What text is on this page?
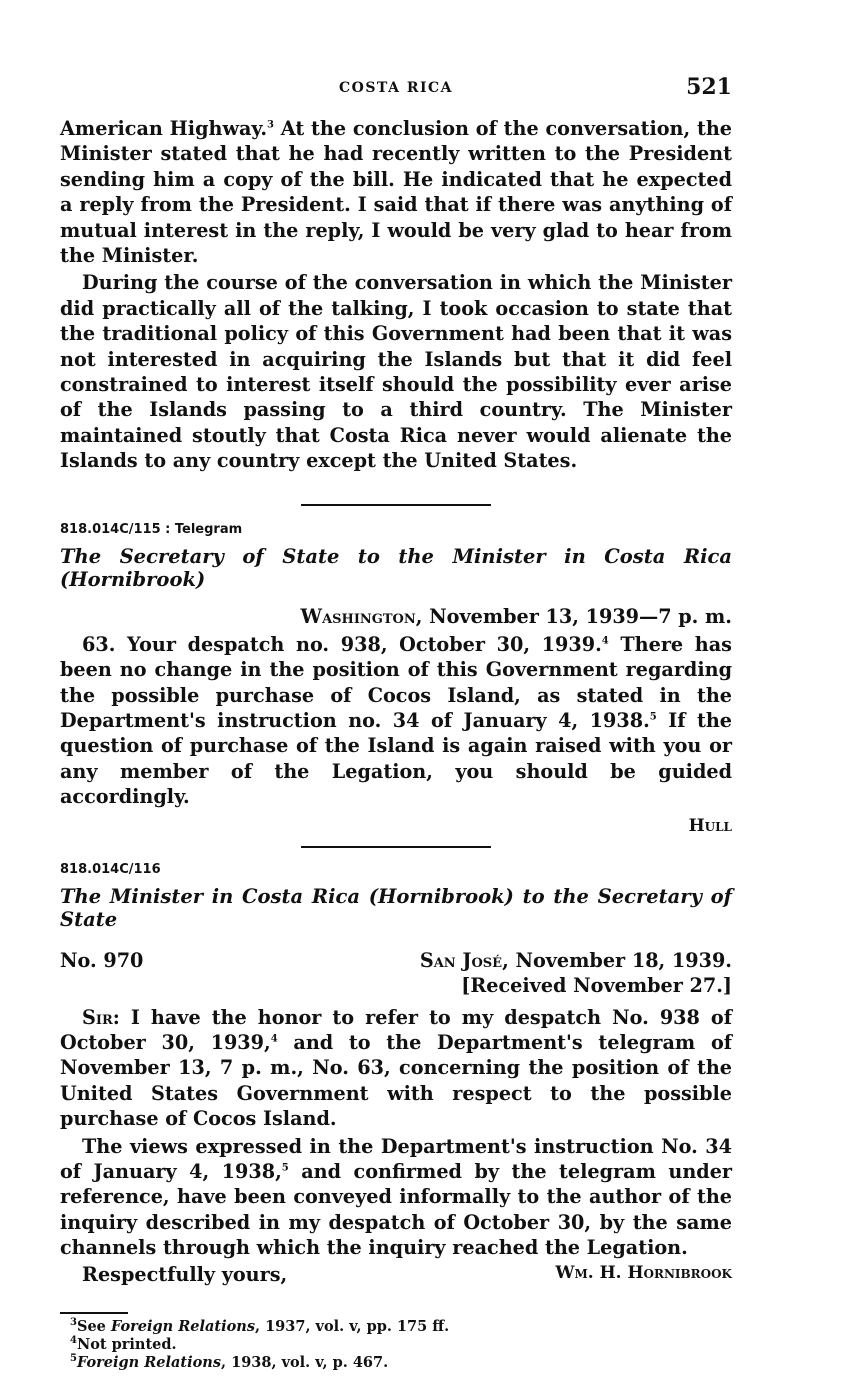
COSTA RICA	521

American Highway.$^3$ At the conclusion of the conversation, the Minister stated that he had recently written to the President sending him a copy of the bill. He indicated that he expected a reply from the President. I said that if there was anything of mutual interest in the reply, I would be very glad to hear from the Minister.

During the course of the conversation in which the Minister did practically all of the talking, I took occasion to state that the traditional policy of this Government had been that it was not interested in acquiring the Islands but that it did feel constrained to interest itself should the possibility ever arise of the Islands passing to a third country. The Minister maintained stoutly that Costa Rica never would alienate the Islands to any country except the United States.

818.014C/115 : Telegram

The Secretary of State to the Minister in Costa Rica (Hornibrook)

Washington, November 13, 1939—7 p. m.

63. Your despatch no. 938, October 30, 1939.$^4$ There has been no change in the position of this Government regarding the possible purchase of Cocos Island, as stated in the Department's instruction no. 34 of January 4, 1938.$^5$ If the question of purchase of the Island is again raised with you or any member of the Legation, you should be guided accordingly.

Hull

818.014C/116

The Minister in Costa Rica (Hornibrook) to the Secretary of State

No. 970	San José, November 18, 1939.

[Received November 27.]

Sir: I have the honor to refer to my despatch No. 938 of October 30, 1939,$^4$ and to the Department's telegram of November 13, 7 p. m., No. 63, concerning the position of the United States Government with respect to the possible purchase of Cocos Island.

The views expressed in the Department's instruction No. 34 of January 4, 1938,$^5$ and confirmed by the telegram under reference, have been conveyed informally to the author of the inquiry described in my despatch of October 30, by the same channels through which the inquiry reached the Legation.

Respectfully yours,	Wm. H. Hornibrook
$^3$See Foreign Relations, 1937, vol. v, pp. 175 ff.
$^4$Not printed.
$^5$Foreign Relations, 1938, vol. v, p. 467.
